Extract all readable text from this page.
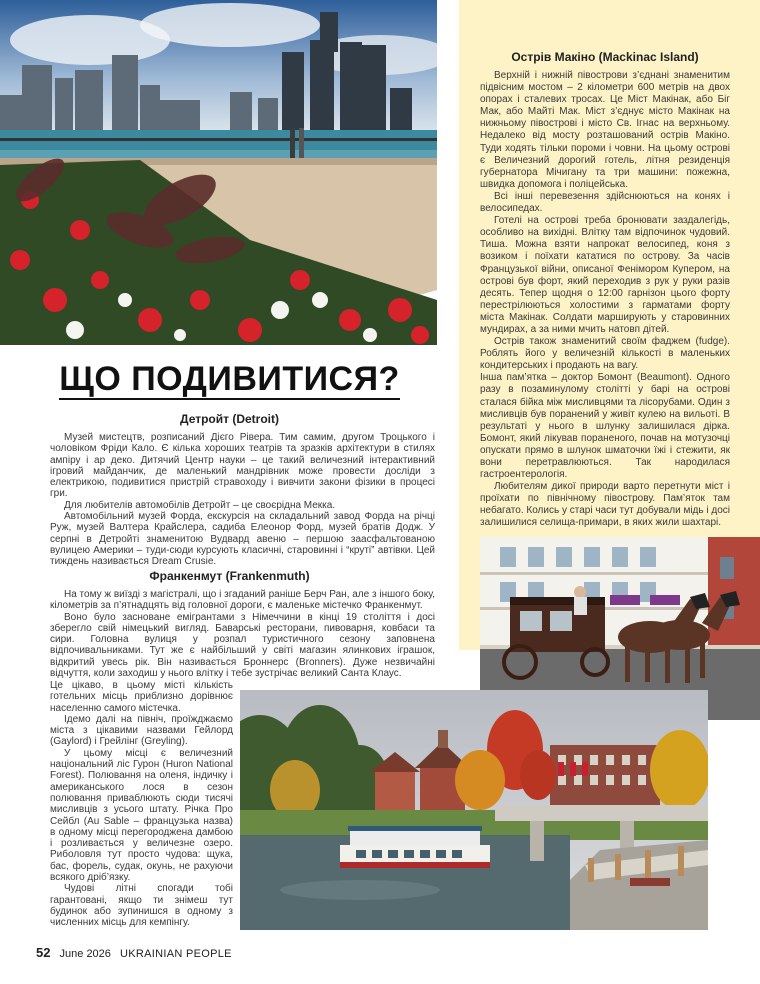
ЩО ПОДИВИТИСЯ?
Детройт (Detroit)

Музей мистецтв, розписаний Дієго Рівера. Тим самим, другом Троцького і чоловіком Фріди Кало. Є кілька хороших театрів та зразків архітектури в стилях ампіру і ар деко. Дитячий Центр науки – це такий величезний інтерактивний ігровий майданчик, де маленький мандрівник може провести досліди з електрикою, подивитися пристрій стравоходу і вивчити закони фізики в процесі гри.

Для любителів автомобілів Детройт – це своєрідна Мекка.

Автомобільний музей Форда, екскурсія на складальний завод Форда на річці Руж, музей Валтера Крайслера, садиба Елеонор Форд, музей братів Додж. У серпні в Детройті знаменитою Вудвард авеню – першою заасфальтованою вулицею Америки – туди-сюди курсують класичні, старовинні і “круті” автівки. Цей тиждень називається Dream Crusie.

Франкенмут (Frankenmuth)

На тому ж виїзді з магістралі, що і згаданий раніше Берч Ран, але з іншого боку, кілометрів за п’ятнадцять від головної дороги, є маленьке містечко Франкенмут.

Воно було засноване емігрантами з Німеччини в кінці 19 століття і досі зберегло свій німецький вигляд. Баварські ресторани, пивоварня, ковбаси та сири. Головна вулиця у розпал туристичного сезону заповнена відпочивальниками. Тут же є найбільший у світі магазин ялинкових іграшок, відкритий увесь рік. Він називається Броннерс (Bronners). Дуже незвичайні відчуття, коли заходиш у нього влітку і тебе зустрічає великий Санта Клаус.

Це цікаво, в цьому місті кількість готельних місць приблизно дорівнює населенню самого містечка.

Ідемо далі на північ, проїжджаємо міста з цікавими назвами Гейлорд (Gaylord) і Грейлінг (Greyling).

У цьому місці є величезний національний ліс Гурон (Huron National Forest). Полювання на оленя, індичку і американського лося в сезон полювання приваблюють сюди тисячі мисливців з усього штату. Річка Про Сейбл (Au Sable – французька назва) в одному місці перегороджена дамбою і розливається у величезне озеро. Риболовля тут просто чудова: щука, бас, форель, судак, окунь, не рахуючи всякого дріб’язку.

Чудові літні спогади тобі гарантовані, якщо ти знімеш тут будинок або зупинишся в одному з численних місць для кемпінгу.

Острів Макіно (Mackinac Island)

Верхній і нижній півострови з’єднані знаменитим підвісним мостом – 2 кілометри 600 метрів на двох опорах і сталевих тросах. Це Міст Макінак, або Біг Мак, або Майті Мак. Міст з’єднує місто Макінак на нижньому півострові і місто Св. Ігнас на верхньому. Недалеко від мосту розташований острів Макіно. Туди ходять тільки пороми і човни. На цьому острові є Величезний дорогий готель, літня резиденція губернатора Мічигану та три машини: пожежна, швидка допомога і поліцейська.

Всі інші перевезення здійснюються на конях і велосипедах.

Готелі на острові треба бронювати заздалегідь, особливо на вихідні. Влітку там відпочинок чудовий. Тиша. Можна взяти напрокат велосипед, коня з возиком і поїхати кататися по острову. За часів Французької війни, описаної Фенімором Купером, на острові був форт, який переходив з рук у руки разів десять. Тепер щодня о 12:00 гарнізон цього форту перестрілюються холостими з гарматами форту міста Макінак. Солдати марширують у старовинних мундирах, а за ними мчить натовп дітей.

Острів також знаменитий своїм фаджем (fudge). Роблять його у величезній кількості в маленьких кондитерських і продають на вагу.

Інша пам’ятка – доктор Бомонт (Beaumont). Одного разу в позаминулому столітті у барі на острові сталася бійка між мисливцями та лісорубами. Один з мисливців був поранений у живіт кулею на вильоті. В результаті у нього в шлунку залишилася дірка. Бомонт, який лікував пораненого, почав на мотузочці опускати прямо в шлунок шматочки їжі і стежити, як вони перетравлюються. Так народилася гастроентерологія.

Любителям дикої природи варто перетнути міст і проїхати по північному півострову. Пам’яток там небагато. Колись у старі часи тут добували мідь і досі залишилися селища-примари, в яких жили шахтарі.

52 June 2026 UKRAINIAN PEOPLE
